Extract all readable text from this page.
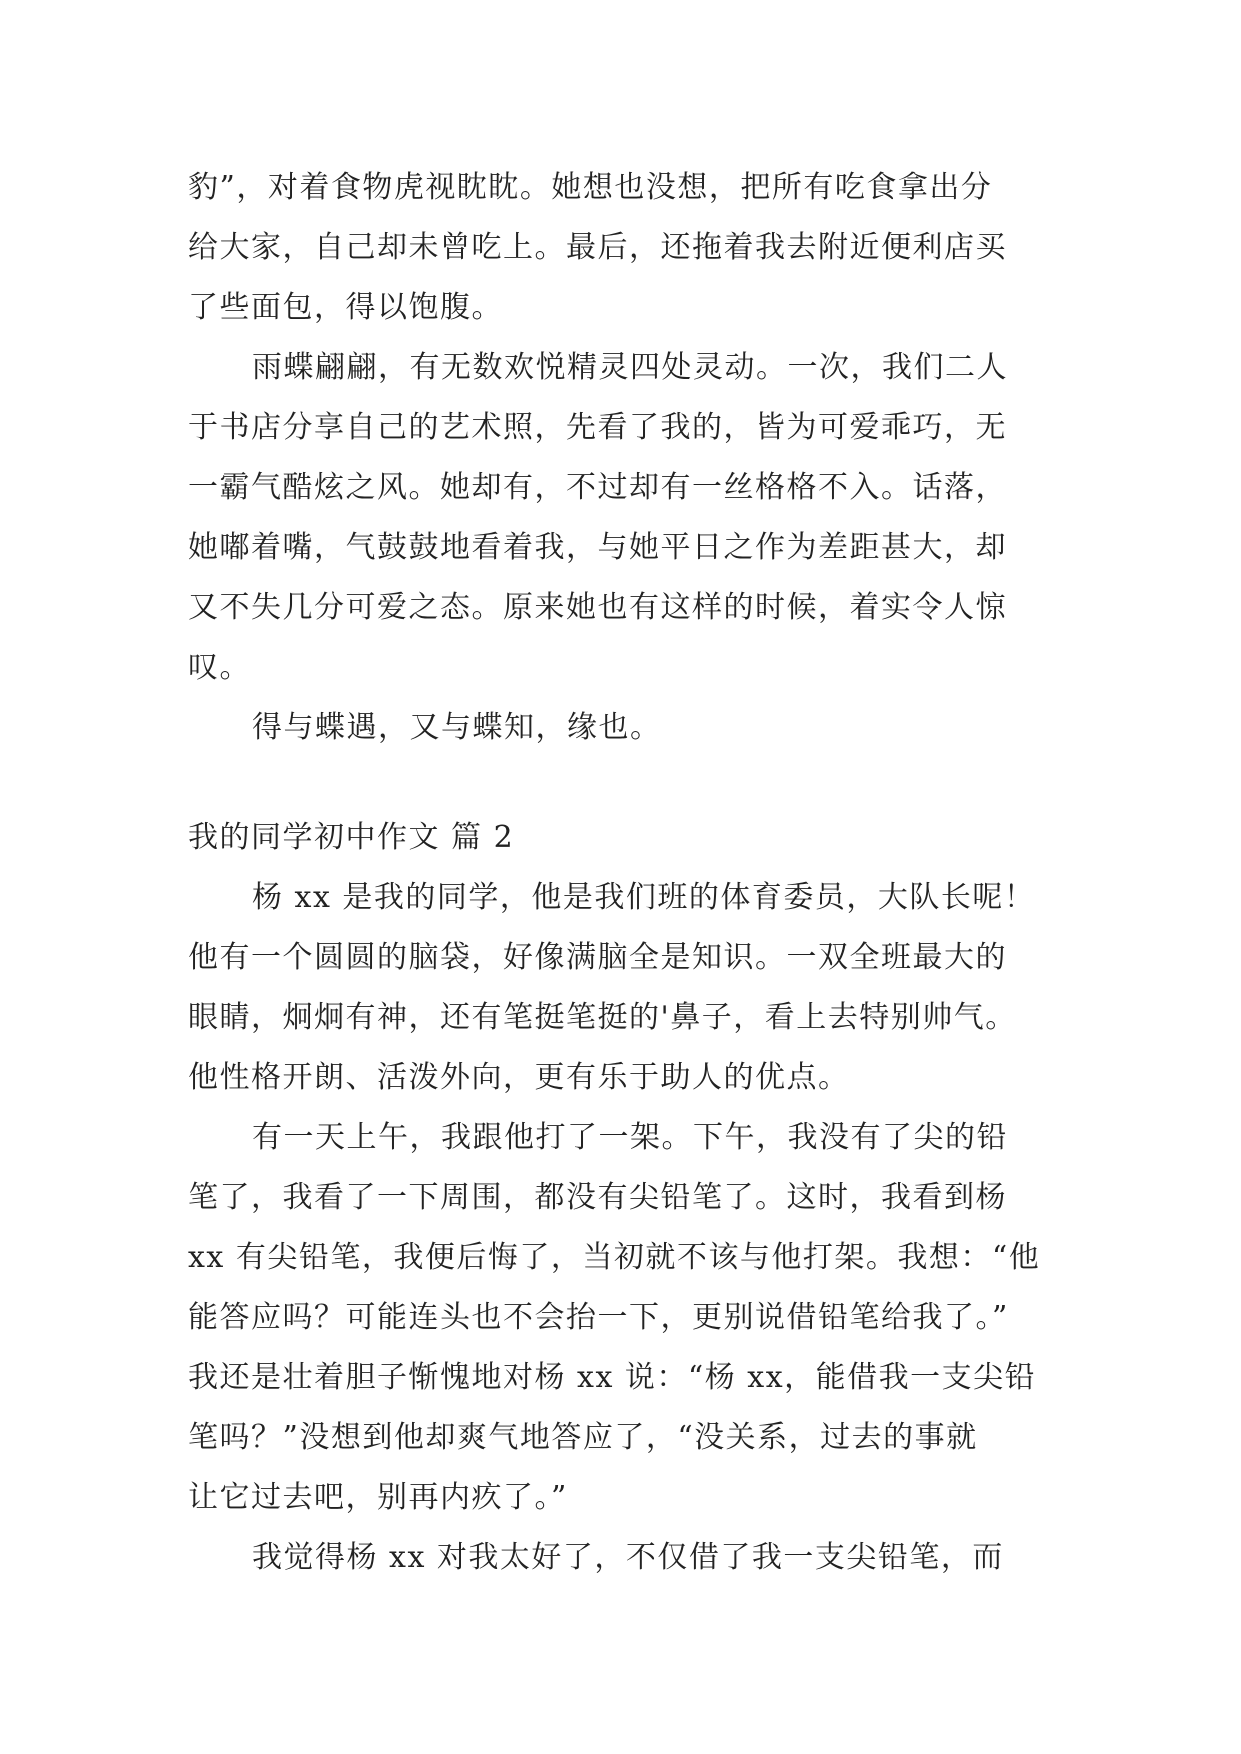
豹”，对着食物虎视眈眈。她想也没想，把所有吃食拿出分
给大家，自己却未曾吃上。最后，还拖着我去附近便利店买
了些面包，得以饱腹。
雨蝶翩翩，有无数欢悦精灵四处灵动。一次，我们二人
于书店分享自己的艺术照，先看了我的，皆为可爱乖巧，无
一霸气酷炫之风。她却有，不过却有一丝格格不入。话落，
她嘟着嘴，气鼓鼓地看着我，与她平日之作为差距甚大，却
又不失几分可爱之态。原来她也有这样的时候，着实令人惊
叹。
得与蝶遇，又与蝶知，缘也。
我的同学初中作文 篇 2
杨 xx 是我的同学，他是我们班的体育委员，大队长呢！
他有一个圆圆的脑袋，好像满脑全是知识。一双全班最大的
眼睛，炯炯有神，还有笔挺笔挺的'鼻子，看上去特别帅气。
他性格开朗、活泼外向，更有乐于助人的优点。
有一天上午，我跟他打了一架。下午，我没有了尖的铅
笔了，我看了一下周围，都没有尖铅笔了。这时，我看到杨
xx 有尖铅笔，我便后悔了，当初就不该与他打架。我想：“他
能答应吗？可能连头也不会抬一下，更别说借铅笔给我了。”
我还是壮着胆子惭愧地对杨 xx 说：“杨 xx，能借我一支尖铅
笔吗？”没想到他却爽气地答应了，“没关系，过去的事就
让它过去吧，别再内疚了。”
我觉得杨 xx 对我太好了，不仅借了我一支尖铅笔，而
